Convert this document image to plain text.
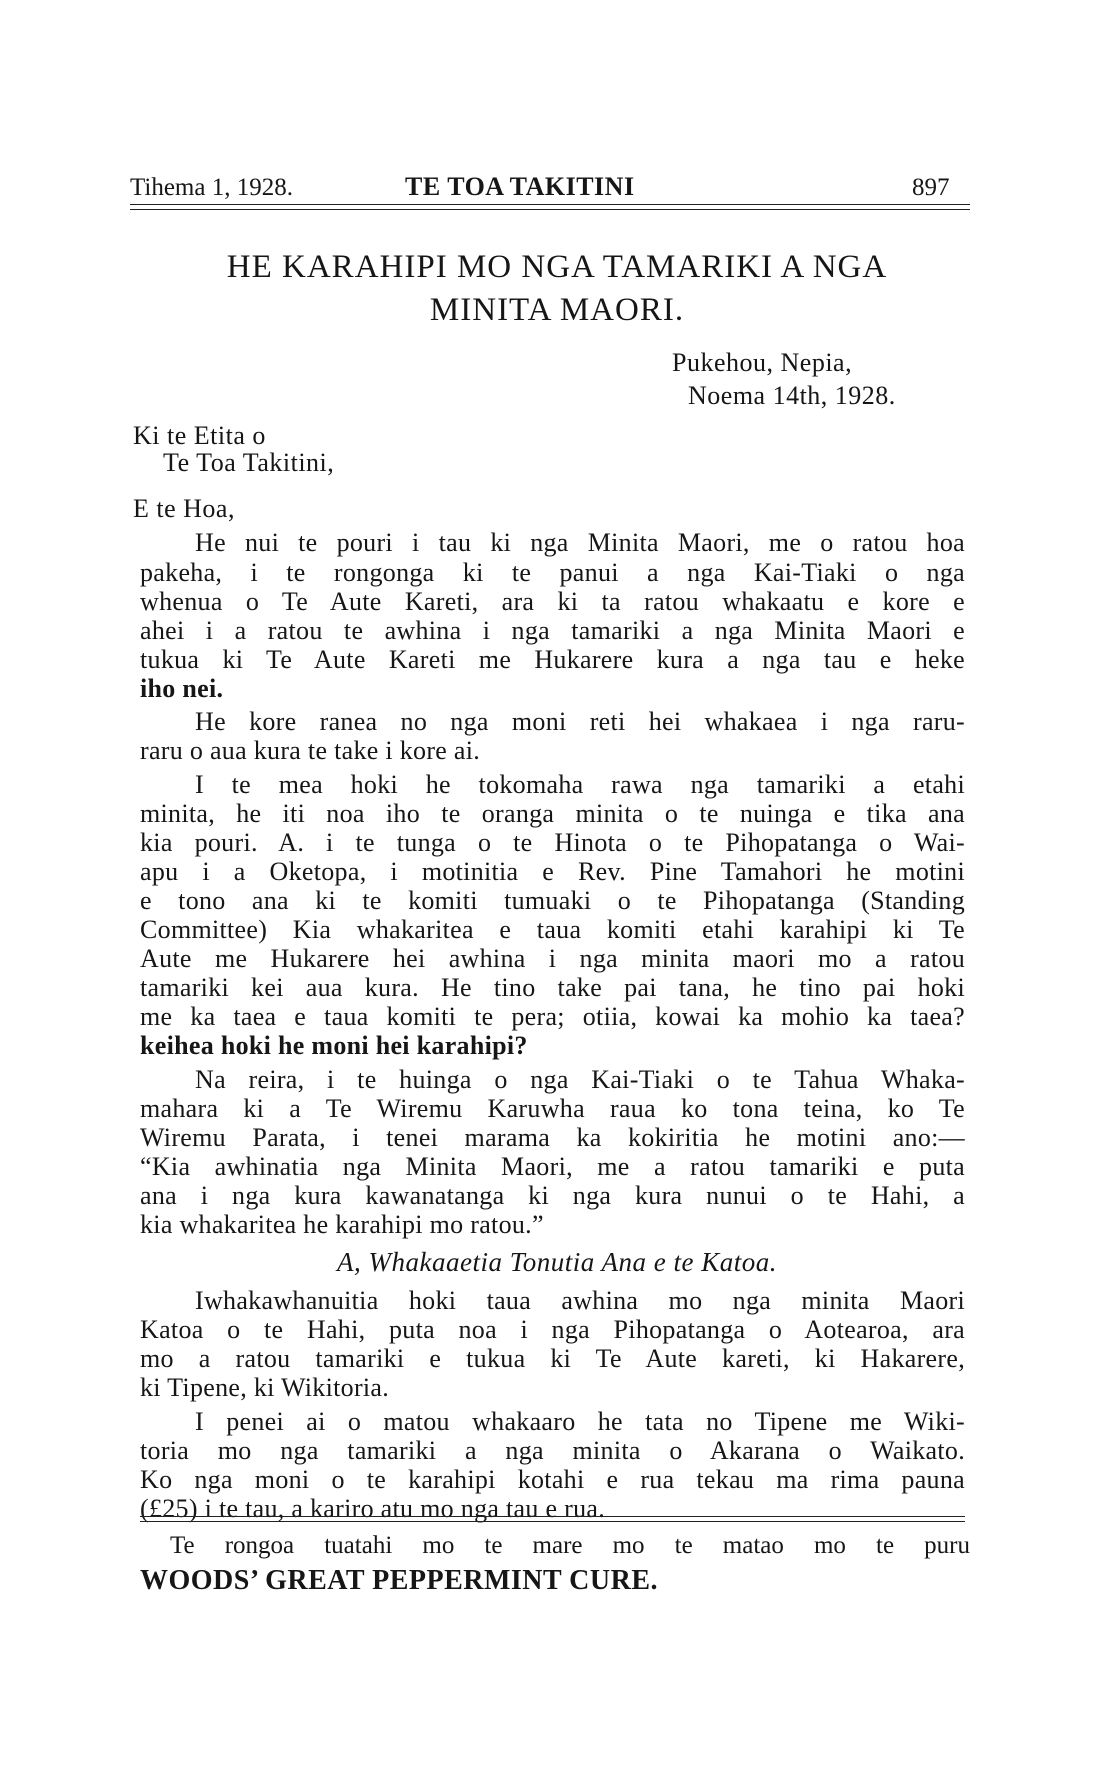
Tihema 1, 1928.	TE TOA TAKITINI	897
HE KARAHIPI MO NGA TAMARIKI A NGA
MINITA MAORI.
Pukehou, Nepia,
Noema 14th, 1928.
Ki te Etita o
Te Toa Takitini,
E te Hoa,
He nui te pouri i tau ki nga Minita Maori, me o ratou hoa
pakeha, i te rongonga ki te panui a nga Kai-Tiaki o nga
whenua o Te Aute Kareti, ara ki ta ratou whakaatu e kore e
ahei i a ratou te awhina i nga tamariki a nga Minita Maori e
tukua ki Te Aute Kareti me Hukarere kura a nga tau e heke
iho nei.
He kore ranea no nga moni reti hei whakaea i nga raru-
raru o aua kura te take i kore ai.
I te mea hoki he tokomaha rawa nga tamariki a etahi
minita, he iti noa iho te oranga minita o te nuinga e tika ana
kia pouri. A. i te tunga o te Hinota o te Pihopatanga o Wai-
apu i a Oketopa, i motinitia e Rev. Pine Tamahori he motini
e tono ana ki te komiti tumuaki o te Pihopatanga (Standing
Committee) Kia whakaritea e taua komiti etahi karahipi ki Te
Aute me Hukarere hei awhina i nga minita maori mo a ratou
tamariki kei aua kura. He tino take pai tana, he tino pai hoki
me ka taea e taua komiti te pera; otiia, kowai ka mohio ka taea?
keihea hoki he moni hei karahipi?
Na reira, i te huinga o nga Kai-Tiaki o te Tahua Whaka-
mahara ki a Te Wiremu Karuwha raua ko tona teina, ko Te
Wiremu Parata, i tenei marama ka kokiritia he motini ano:—
“Kia awhinatia nga Minita Maori, me a ratou tamariki e puta
ana i nga kura kawanatanga ki nga kura nunui o te Hahi, a
kia whakaritea he karahipi mo ratou.”
A, Whakaaetia Tonutia Ana e te Katoa.
Iwhakawhanuitia hoki taua awhina mo nga minita Maori
Katoa o te Hahi, puta noa i nga Pihopatanga o Aotearoa, ara
mo a ratou tamariki e tukua ki Te Aute kareti, ki Hakarere,
ki Tipene, ki Wikitoria.
I penei ai o matou whakaaro he tata no Tipene me Wiki-
toria mo nga tamariki a nga minita o Akarana o Waikato.
Ko nga moni o te karahipi kotahi e rua tekau ma rima pauna
(£25) i te tau, a kariro atu mo nga tau e rua.
Te rongoa tuatahi mo te mare mo te matao mo te puru
WOODS’ GREAT PEPPERMINT CURE.
